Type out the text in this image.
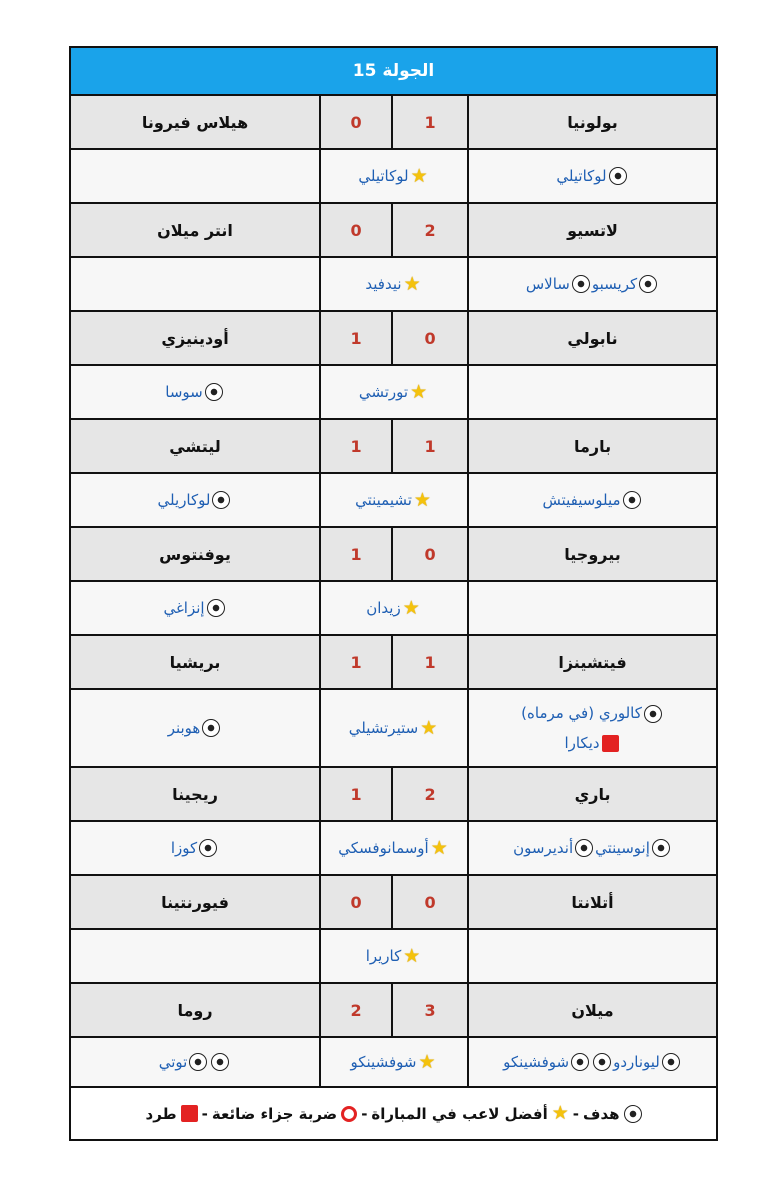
الجولة 15
بولونيا
1
0
هيلاس فيرونا
لوكاتيلي
★
لوكاتيلي
لاتسيو
2
0
انتر ميلان
كريسبو
سالاس
★
نيدفيد
نابولي
0
1
أودينيزي
★
تورتشي
سوسا
بارما
1
1
ليتشي
ميلوسيفيتش
★
تشيمينتي
لوكاريلي
بيروجيا
0
1
يوفنتوس
★
زيدان
إنزاغي
فيتشينزا
1
1
بريشيا
كالوري (في مرماه)
ديكارا
★
ستيرتشيلي
هوبنر
باري
2
1
ريجينا
إنوسينتي
أنديرسون
★
أوسمانوفسكي
كوزا
أتلانتا
0
0
فيورنتينا
★
كاريرا
ميلان
3
2
روما
ليوناردو
شوفشينكو
★
شوفشينكو
توتي
هدف
-
★
أفضل لاعب في المباراة
-
ضربة جزاء ضائعة
-
طرد
